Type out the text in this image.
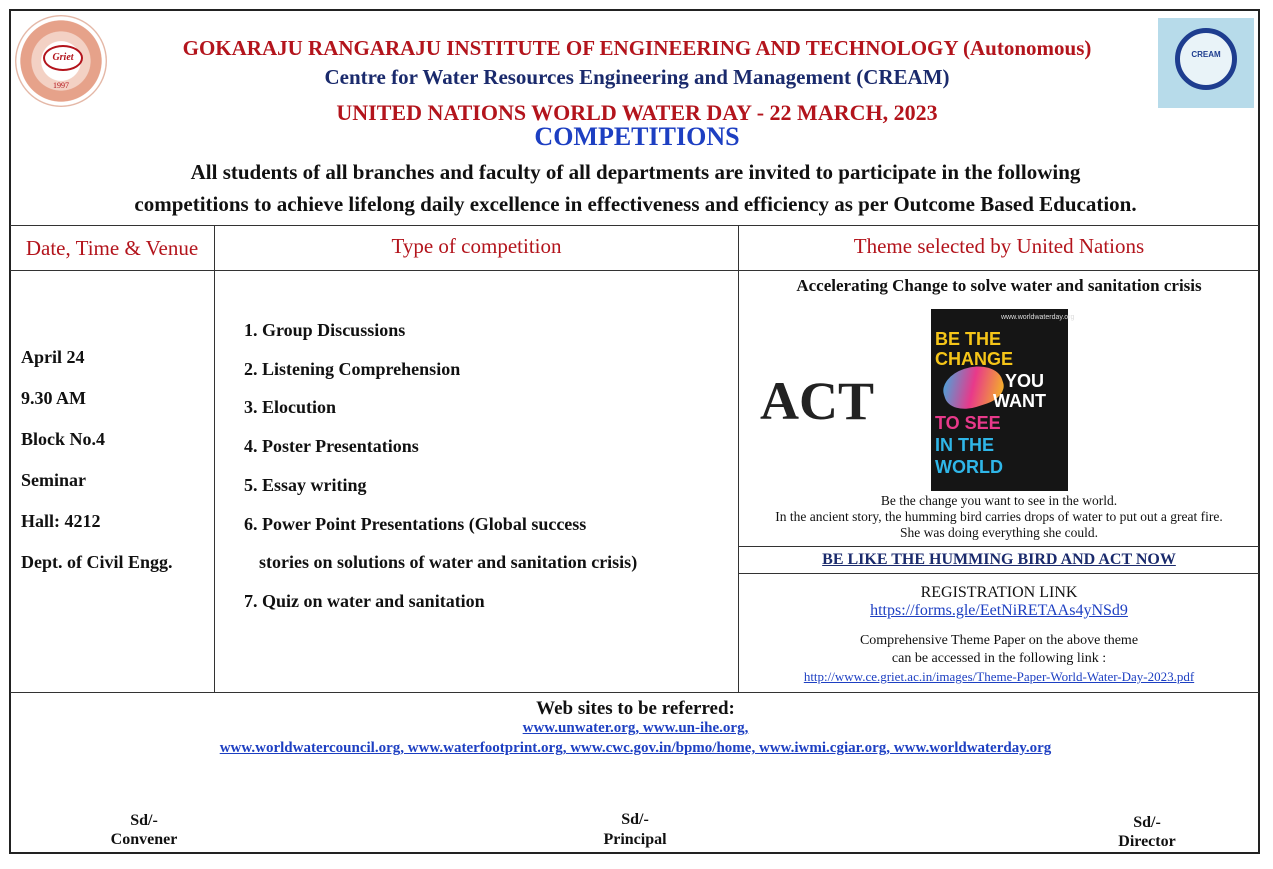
Griet
1997
CREAM
GOKARAJU RANGARAJU INSTITUTE OF ENGINEERING AND TECHNOLOGY (Autonomous)
Centre for Water Resources Engineering and Management (CREAM)
UNITED NATIONS WORLD WATER DAY - 22 MARCH, 2023
COMPETITIONS
All students of all branches and faculty of all departments are invited to participate in the following
competitions to achieve lifelong daily excellence in effectiveness and efficiency as per Outcome Based Education.
Date, Time & Venue	Type of competition	Theme selected by United Nations
April 24
9.30 AM
Block No.4
Seminar
Hall: 4212
Dept. of Civil Engg.
1. Group Discussions
2. Listening Comprehension
3. Elocution
4. Poster Presentations
5. Essay writing
6. Power Point Presentations (Global success
stories on solutions of water and sanitation crisis)
7. Quiz on water and sanitation
Accelerating Change to solve water and sanitation crisis
ACT
www.worldwaterday.org
BE THE
CHANGE
YOU
WANT
TO SEE
IN THE
WORLD
Be the change you want to see in the world.
In the ancient story, the humming bird carries drops of water to put out a great fire.
She was doing everything she could.
BE LIKE THE HUMMING BIRD AND ACT NOW
REGISTRATION LINK
https://forms.gle/EetNiRETAAs4yNSd9
Comprehensive Theme Paper on the above theme
can be accessed in the following link :
http://www.ce.griet.ac.in/images/Theme-Paper-World-Water-Day-2023.pdf
Web sites to be referred:
www.unwater.org, www.un-ihe.org,
www.worldwatercouncil.org, www.waterfootprint.org, www.cwc.gov.in/bpmo/home, www.iwmi.cgiar.org, www.worldwaterday.org
Sd/-
Convener
Sd/-
Principal
Sd/-
Director
